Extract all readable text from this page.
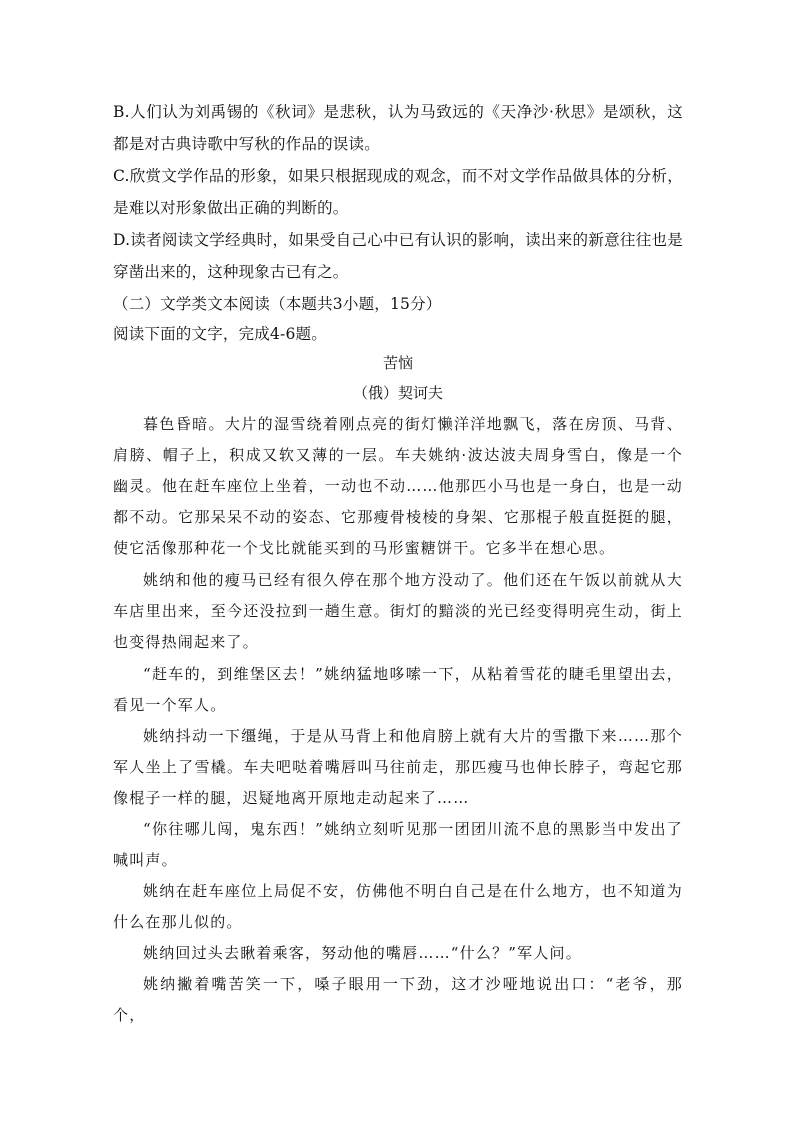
B.人们认为刘禹锡的《秋词》是悲秋，认为马致远的《天净沙·秋思》是颂秋，这都是对古典诗歌中写秋的作品的误读。

C.欣赏文学作品的形象，如果只根据现成的观念，而不对文学作品做具体的分析，是难以对形象做出正确的判断的。

D.读者阅读文学经典时，如果受自己心中已有认识的影响，读出来的新意往往也是穿凿出来的，这种现象古已有之。

（二）文学类文本阅读（本题共3小题，15分）

阅读下面的文字，完成4-6题。

苦恼

（俄）契诃夫

暮色昏暗。大片的湿雪绕着刚点亮的街灯懒洋洋地飘飞，落在房顶、马背、肩膀、帽子上，积成又软又薄的一层。车夫姚纳·波达波夫周身雪白，像是一个幽灵。他在赶车座位上坐着，一动也不动……他那匹小马也是一身白，也是一动都不动。它那呆呆不动的姿态、它那瘦骨棱棱的身架、它那棍子般直挺挺的腿，使它活像那种花一个戈比就能买到的马形蜜糖饼干。它多半在想心思。

姚纳和他的瘦马已经有很久停在那个地方没动了。他们还在午饭以前就从大车店里出来，至今还没拉到一趟生意。街灯的黯淡的光已经变得明亮生动，街上也变得热闹起来了。

“赶车的，到维堡区去！”姚纳猛地哆嗦一下，从粘着雪花的睫毛里望出去，看见一个军人。

姚纳抖动一下缰绳，于是从马背上和他肩膀上就有大片的雪撒下来……那个军人坐上了雪橇。车夫吧哒着嘴唇叫马往前走，那匹瘦马也伸长脖子，弯起它那像棍子一样的腿，迟疑地离开原地走动起来了……

“你往哪儿闯，鬼东西！”姚纳立刻听见那一团团川流不息的黑影当中发出了喊叫声。

姚纳在赶车座位上局促不安，仿佛他不明白自己是在什么地方，也不知道为什么在那儿似的。

姚纳回过头去瞅着乘客，努动他的嘴唇……“什么？”军人问。

姚纳撇着嘴苦笑一下，嗓子眼用一下劲，这才沙哑地说出口：“老爷，那个，
